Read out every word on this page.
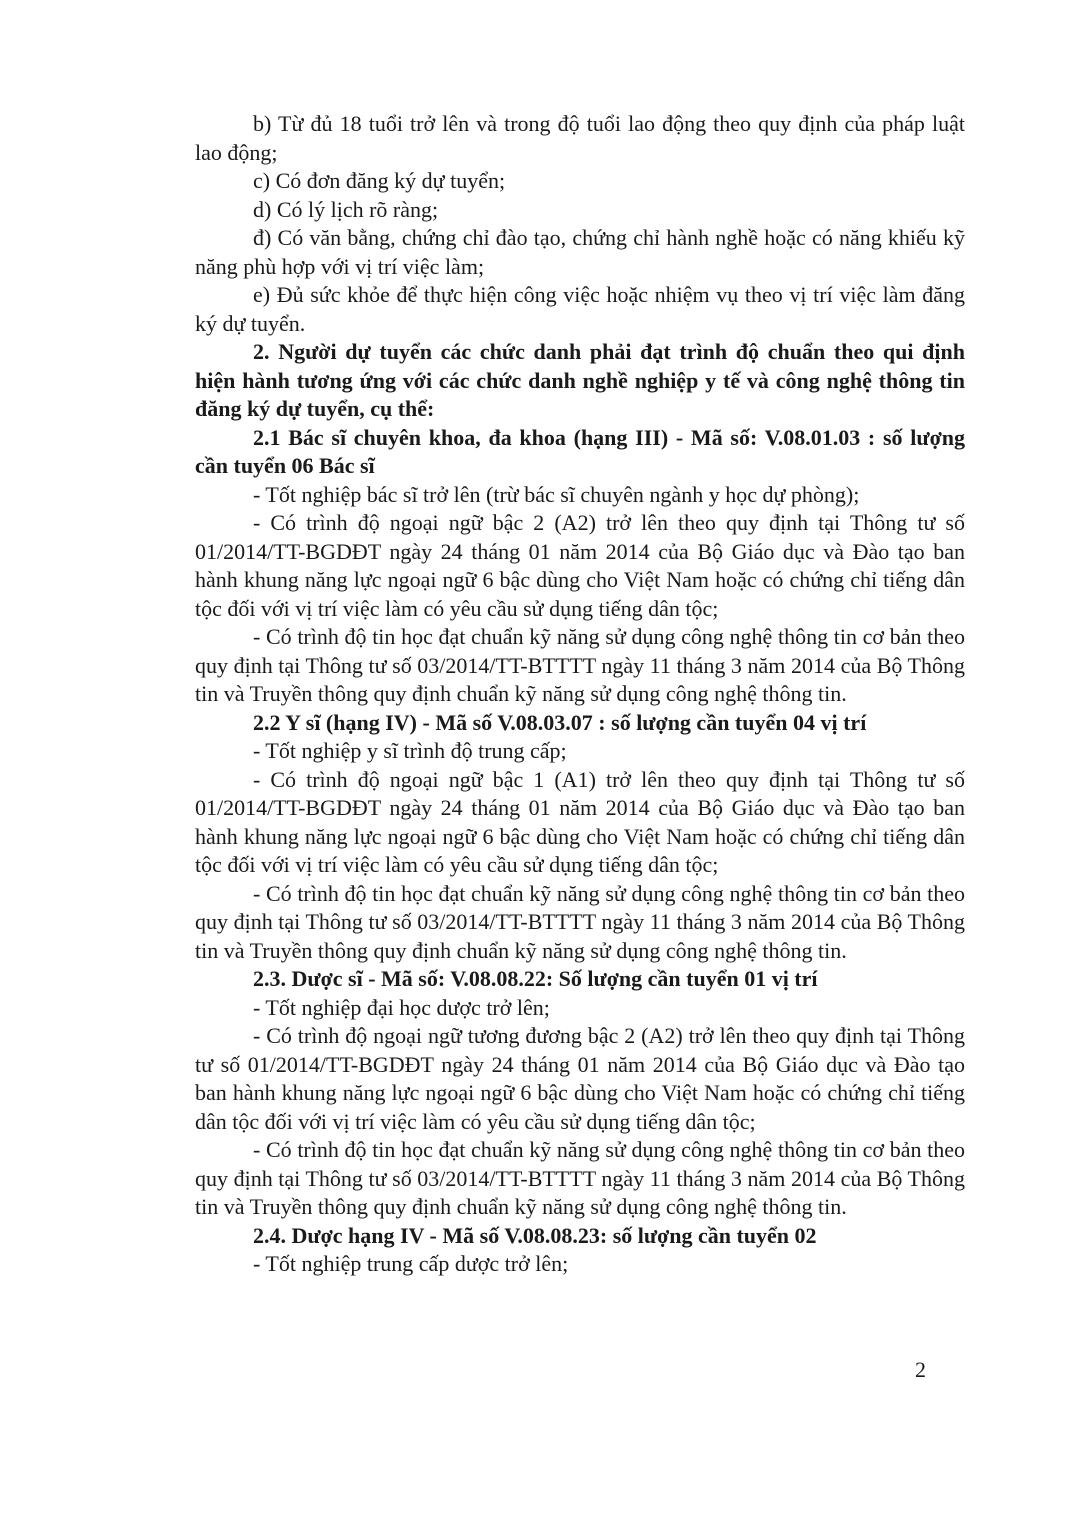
b) Từ đủ 18 tuổi trở lên và trong độ tuổi lao động theo quy định của pháp luật lao động;

c) Có đơn đăng ký dự tuyển;

d) Có lý lịch rõ ràng;

đ) Có văn bằng, chứng chỉ đào tạo, chứng chỉ hành nghề hoặc có năng khiếu kỹ năng phù hợp với vị trí việc làm;

e) Đủ sức khỏe để thực hiện công việc hoặc nhiệm vụ theo vị trí việc làm đăng ký dự tuyển.

2. Người dự tuyển các chức danh phải đạt trình độ chuẩn theo qui định hiện hành tương ứng với các chức danh nghề nghiệp y tế và công nghệ thông tin đăng ký dự tuyển, cụ thể:

2.1 Bác sĩ chuyên khoa, đa khoa (hạng III) - Mã số: V.08.01.03 : số lượng cần tuyển 06 Bác sĩ

- Tốt nghiệp bác sĩ trở lên (trừ bác sĩ chuyên ngành y học dự phòng);

- Có trình độ ngoại ngữ bậc 2 (A2) trở lên theo quy định tại Thông tư số 01/2014/TT-BGDĐT ngày 24 tháng 01 năm 2014 của Bộ Giáo dục và Đào tạo ban hành khung năng lực ngoại ngữ 6 bậc dùng cho Việt Nam hoặc có chứng chỉ tiếng dân tộc đối với vị trí việc làm có yêu cầu sử dụng tiếng dân tộc;

- Có trình độ tin học đạt chuẩn kỹ năng sử dụng công nghệ thông tin cơ bản theo quy định tại Thông tư số 03/2014/TT-BTTTT ngày 11 tháng 3 năm 2014 của Bộ Thông tin và Truyền thông quy định chuẩn kỹ năng sử dụng công nghệ thông tin.

2.2 Y sĩ (hạng IV) - Mã số V.08.03.07 : số lượng cần tuyển 04 vị trí

- Tốt nghiệp y sĩ trình độ trung cấp;

- Có trình độ ngoại ngữ bậc 1 (A1) trở lên theo quy định tại Thông tư số 01/2014/TT-BGDĐT ngày 24 tháng 01 năm 2014 của Bộ Giáo dục và Đào tạo ban hành khung năng lực ngoại ngữ 6 bậc dùng cho Việt Nam hoặc có chứng chỉ tiếng dân tộc đối với vị trí việc làm có yêu cầu sử dụng tiếng dân tộc;

- Có trình độ tin học đạt chuẩn kỹ năng sử dụng công nghệ thông tin cơ bản theo quy định tại Thông tư số 03/2014/TT-BTTTT ngày 11 tháng 3 năm 2014 của Bộ Thông tin và Truyền thông quy định chuẩn kỹ năng sử dụng công nghệ thông tin.

2.3. Dược sĩ - Mã số: V.08.08.22: Số lượng cần tuyển 01 vị trí

- Tốt nghiệp đại học dược trở lên;

- Có trình độ ngoại ngữ tương đương bậc 2 (A2) trở lên theo quy định tại Thông tư số 01/2014/TT-BGDĐT ngày 24 tháng 01 năm 2014 của Bộ Giáo dục và Đào tạo ban hành khung năng lực ngoại ngữ 6 bậc dùng cho Việt Nam hoặc có chứng chỉ tiếng dân tộc đối với vị trí việc làm có yêu cầu sử dụng tiếng dân tộc;

- Có trình độ tin học đạt chuẩn kỹ năng sử dụng công nghệ thông tin cơ bản theo quy định tại Thông tư số 03/2014/TT-BTTTT ngày 11 tháng 3 năm 2014 của Bộ Thông tin và Truyền thông quy định chuẩn kỹ năng sử dụng công nghệ thông tin.

2.4. Dược hạng IV - Mã số V.08.08.23: số lượng cần tuyển 02

- Tốt nghiệp trung cấp dược trở lên;

2
